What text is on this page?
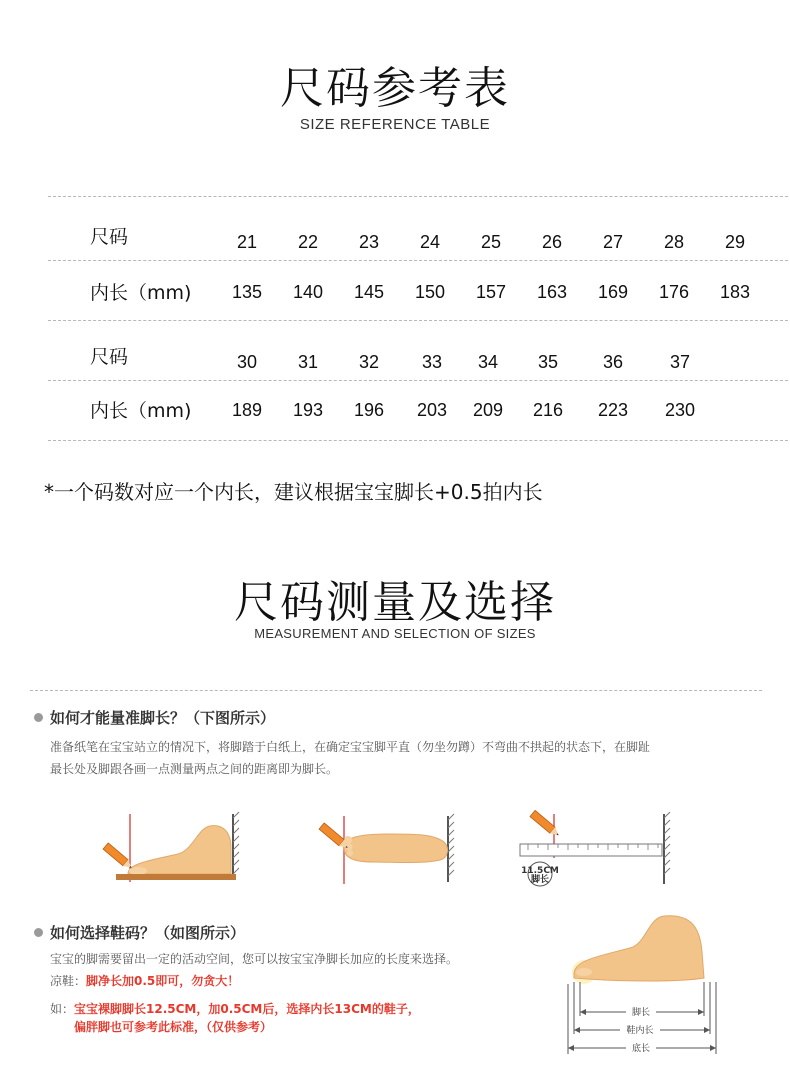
尺码参考表
SIZE REFERENCE TABLE
尺码	21	22	23	24	25	26	27	28	29
内长（mm)	135	140	145	150	157	163	169	176	183
尺码	30	31	32	33	34	35	36	37
内长（mm)	189	193	196	203	209	216	223	230
*一个码数对应一个内长，建议根据宝宝脚长+0.5拍内长
尺码测量及选择
MEASUREMENT AND SELECTION OF SIZES
如何才能量准脚长？（下图所示）
准备纸笔在宝宝站立的情况下，将脚踏于白纸上，在确定宝宝脚平直（勿坐勿蹲）不弯曲不拱起的状态下，在脚趾
最长处及脚跟各画一点测量两点之间的距离即为脚长。
11.5CM
脚长
如何选择鞋码？（如图所示）
宝宝的脚需要留出一定的活动空间，您可以按宝宝净脚长加应的长度来选择。
凉鞋：脚净长加0.5即可，勿贪大！
如：宝宝裸脚脚长12.5CM，加0.5CM后，选择内长13CM的鞋子，
偏胖脚也可参考此标准，（仅供参考）
脚长
鞋内长
底长
